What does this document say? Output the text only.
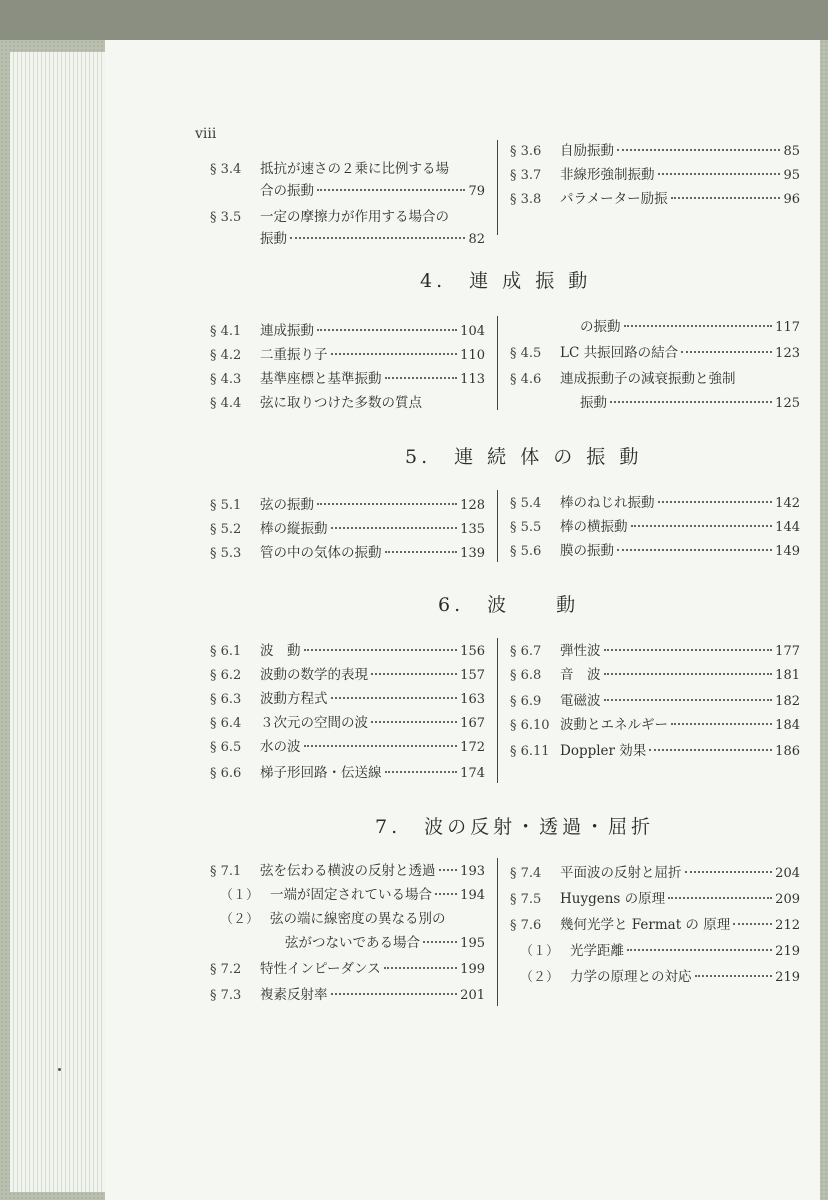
viii
§ 3.4	抵抗が速さの２乗に比例する場
合の振動	79
§ 3.5	一定の摩擦力が作用する場合の
振動	82
§ 3.6	自励振動	85
§ 3.7	非線形強制振動	95
§ 3.8	パラメーター励振	96
4.　連 成 振 動
§ 4.1	連成振動	104
§ 4.2	二重振り子	110
§ 4.3	基準座標と基準振動	113
§ 4.4	弦に取りつけた多数の質点
の振動	117
§ 4.5	LC 共振回路の結合	123
§ 4.6	連成振動子の減衰振動と強制
振動	125
5.　連 続 体 の 振 動
§ 5.1	弦の振動	128
§ 5.2	棒の縦振動	135
§ 5.3	管の中の気体の振動	139
§ 5.4	棒のねじれ振動	142
§ 5.5	棒の横振動	144
§ 5.6	膜の振動	149
6.　波　　動
§ 6.1	波　動	156
§ 6.2	波動の数学的表現	157
§ 6.3	波動方程式	163
§ 6.4	３次元の空間の波	167
§ 6.5	水の波	172
§ 6.6	梯子形回路・伝送線	174
§ 6.7	弾性波	177
§ 6.8	音　波	181
§ 6.9	電磁波	182
§ 6.10 波動とエネルギー	184
§ 6.11 Doppler 効果	186
7.　波の反射・透過・屈折
§ 7.1	弦を伝わる横波の反射と透過 193
（１） 一端が固定されている場合 194
（２） 弦の端に線密度の異なる別の
弦がつないである場合	195
§ 7.2	特性インピーダンス	199
§ 7.3	複素反射率	201
§ 7.4	平面波の反射と屈折	204
§ 7.5	Huygens の原理	209
§ 7.6	幾何光学と Fermat の 原理	212
（１） 光学距離	219
（２） 力学の原理との対応	219
